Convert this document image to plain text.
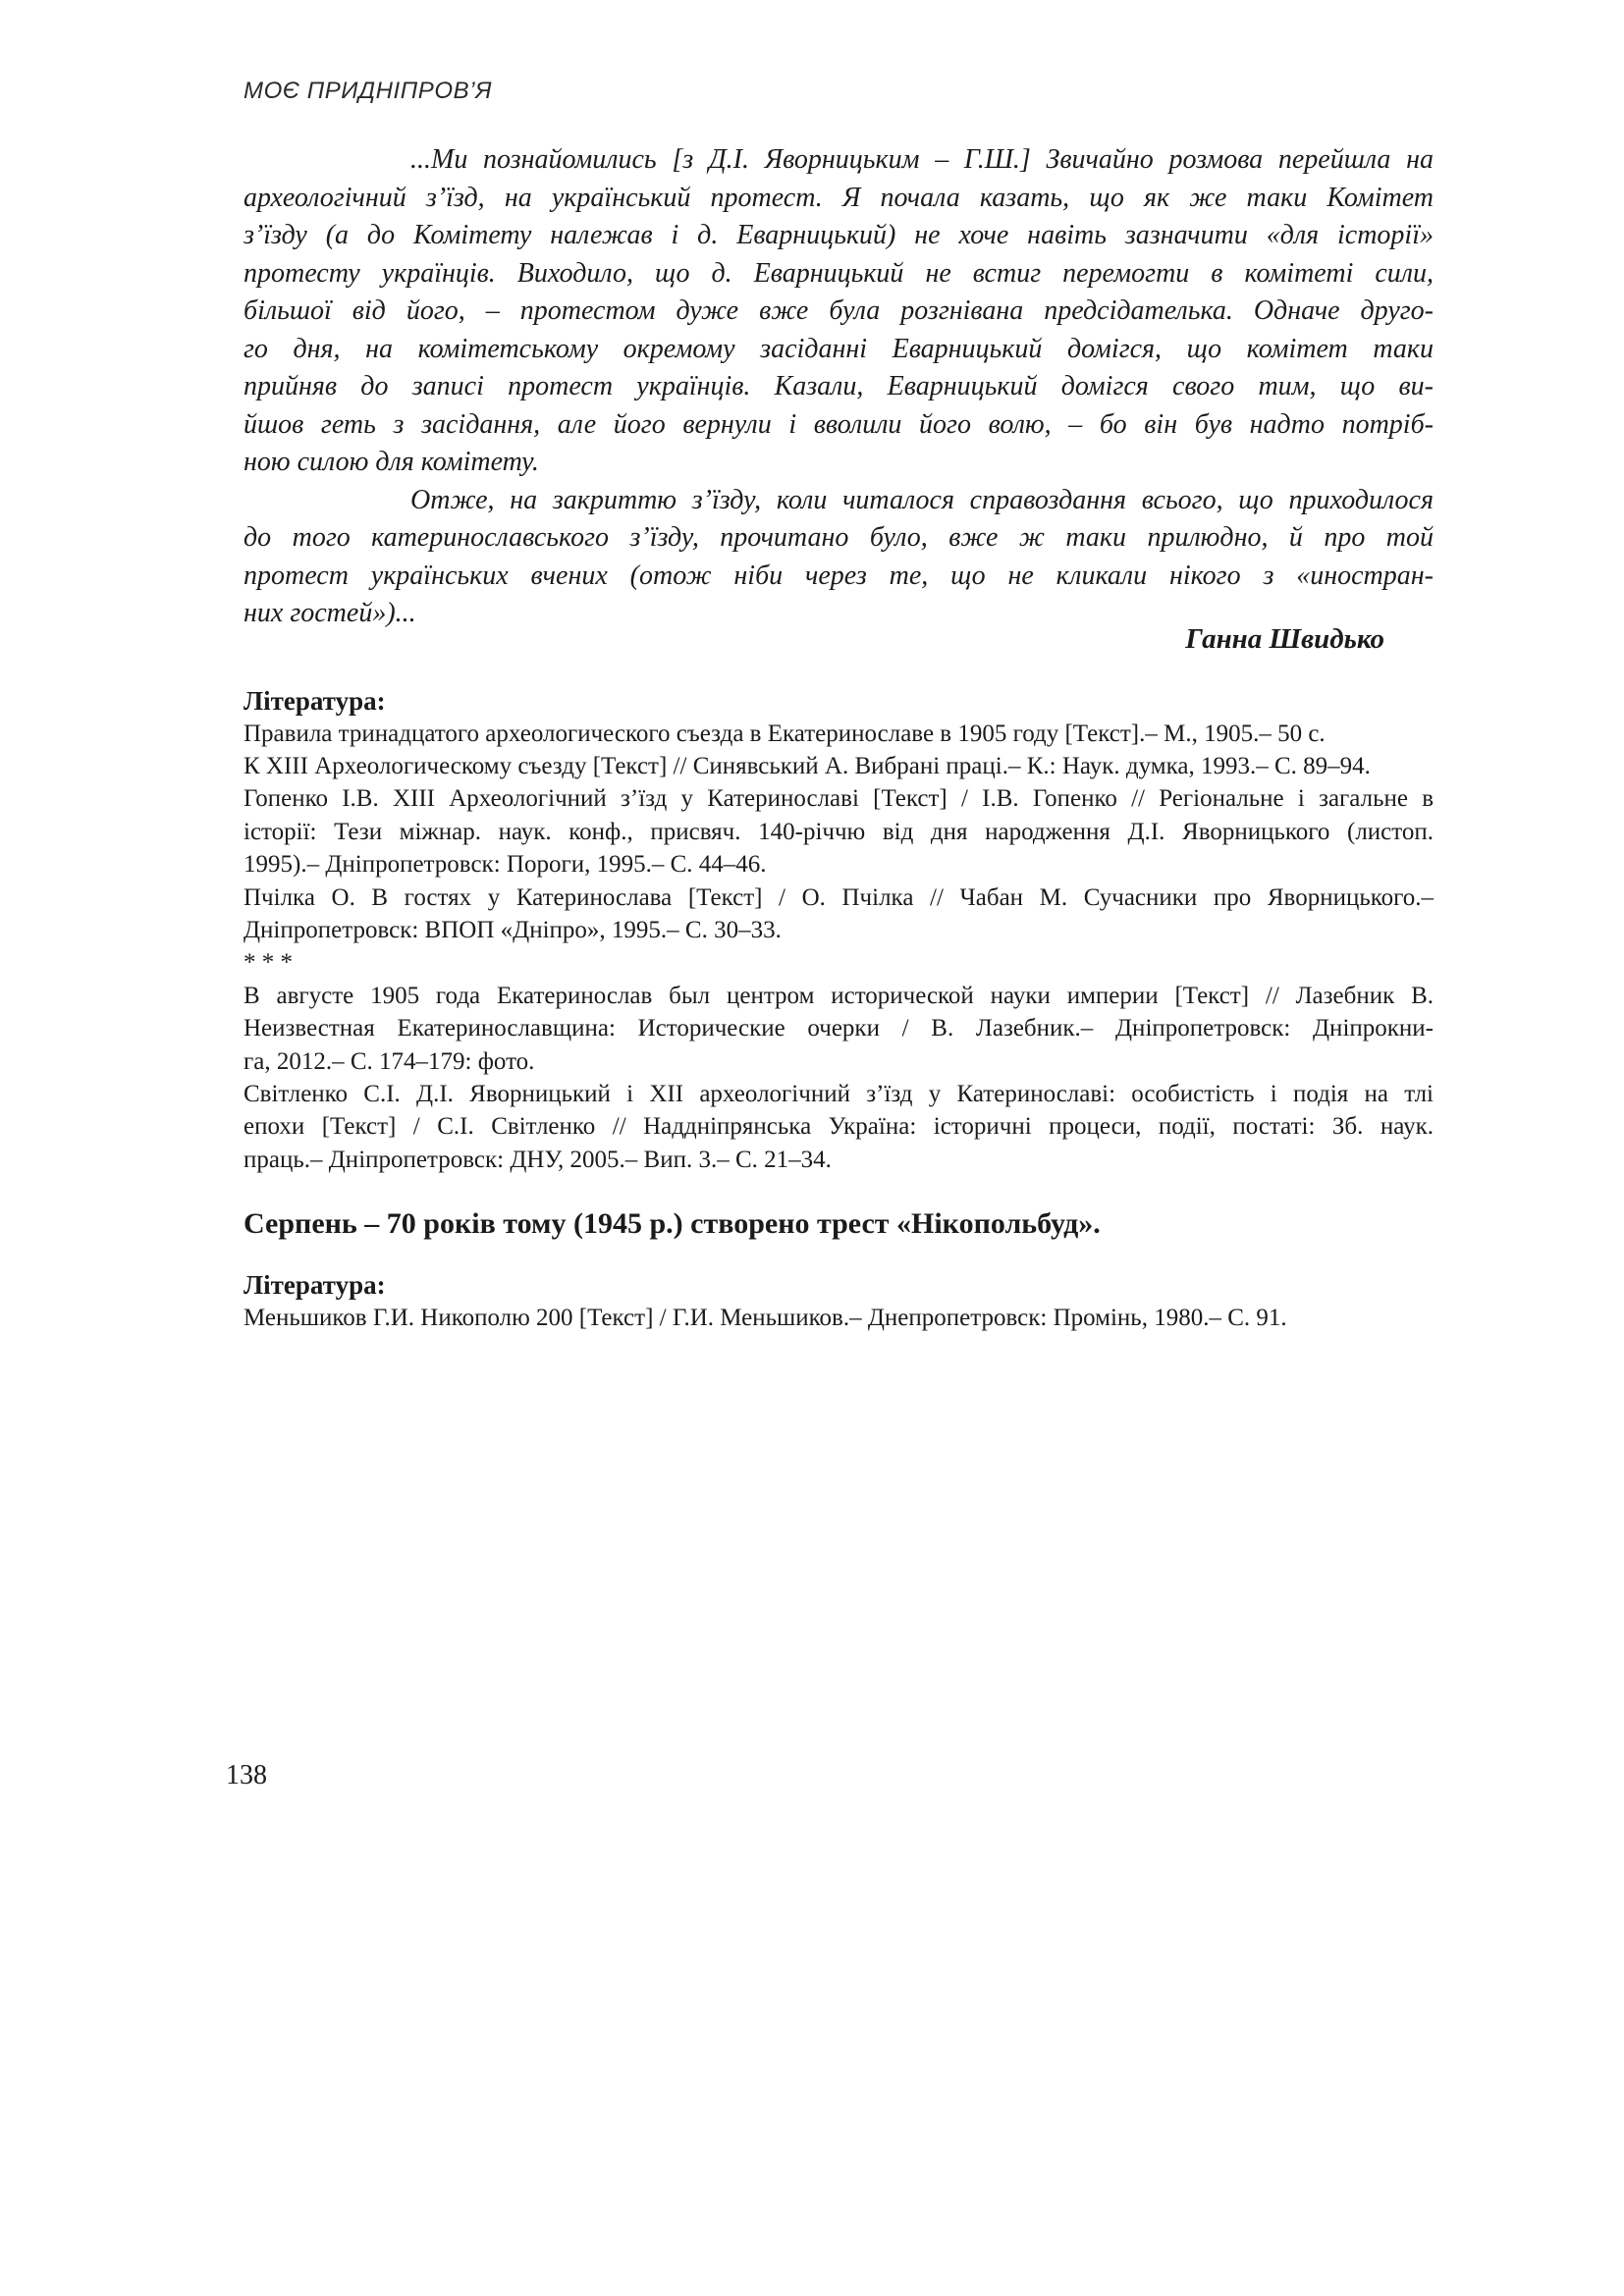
МОЄ ПРИДНІПРОВ’Я
...Ми познайомились [з Д.І. Яворницьким – Г.Ш.] Звичайно розмова перейшла на
археологічний з’їзд, на український протест. Я почала казать, що як же таки Комітет
з’їзду (а до Комітету належав і д. Еварницький) не хоче навіть зазначити «для історії»
протесту українців. Виходило, що д. Еварницький не встиг перемогти в комітеті сили,
більшої від його, – протестом дуже вже була розгнівана предсідателька. Одначе друго-
го дня, на комітетському окремому засіданні Еварницький домігся, що комітет таки
прийняв до записі протест українців. Казали, Еварницький домігся свого тим, що ви-
йшов геть з засідання, але його вернули і вволили його волю, – бо він був надто потріб-
ною силою для комітету.
Отже, на закриттю з’їзду, коли читалося справоздання всього, що приходилося
до того катеринославського з’їзду, прочитано було, вже ж таки прилюдно, й про той
протест українських вчених (отож ніби через те, що не кликали нікого з «иностран-
них гостей»)...
Ганна Швидько
Література:
Правила тринадцатого археологического съезда в Екатеринославе в 1905 году [Текст].– М., 1905.– 50 с.
К XIII Археологическому съезду [Текст] // Синявський А. Вибрані праці.– К.: Наук. думка, 1993.– С. 89–94.
Гопенко І.В. XIII Археологічний з’їзд у Катеринославі [Текст] / І.В. Гопенко // Регіональне і загальне в
історії: Тези міжнар. наук. конф., присвяч. 140-річчю від дня народження Д.І. Яворницького (листоп.
1995).– Дніпропетровск: Пороги, 1995.– С. 44–46.
Пчілка О. В гостях у Катеринослава [Текст] / О. Пчілка // Чабан М. Сучасники про Яворницького.–
Дніпропетровск: ВПОП «Дніпро», 1995.– С. 30–33.
* * *
В августе 1905 года Екатеринослав был центром исторической науки империи [Текст] // Лазебник В.
Неизвестная Екатеринославщина: Исторические очерки / В. Лазебник.– Дніпропетровск: Дніпрокни-
га, 2012.– С. 174–179: фото.
Світленко С.І. Д.І. Яворницький і XII археологічний з’їзд у Катеринославі: особистість і подія на тлі
епохи [Текст] / С.І. Світленко // Наддніпрянська Україна: історичні процеси, події, постаті: Зб. наук.
праць.– Дніпропетровск: ДНУ, 2005.– Вип. 3.– С. 21–34.
Серпень – 70 років тому (1945 р.) створено трест «Нікопольбуд».
Література:
Меньшиков Г.И. Никополю 200 [Текст] / Г.И. Меньшиков.– Днепропетровск: Промінь, 1980.– С. 91.
138
